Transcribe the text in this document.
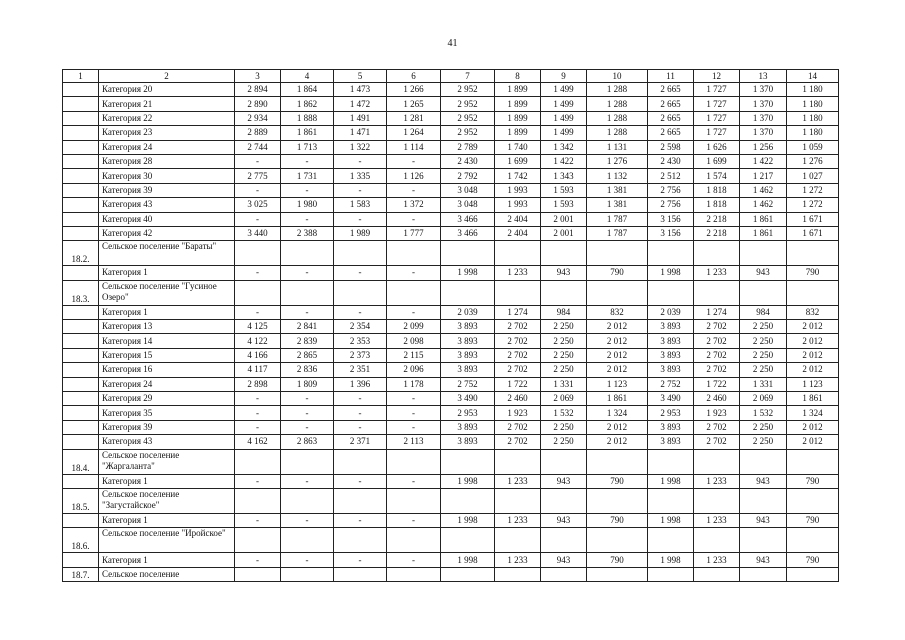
41
1	2	3	4	5	6	7	8	9	10	11	12	13	14
	Категория 20	2 894	1 864	1 473	1 266	2 952	1 899	1 499	1 288	2 665	1 727	1 370	1 180
	Категория 21	2 890	1 862	1 472	1 265	2 952	1 899	1 499	1 288	2 665	1 727	1 370	1 180
	Категория 22	2 934	1 888	1 491	1 281	2 952	1 899	1 499	1 288	2 665	1 727	1 370	1 180
	Категория 23	2 889	1 861	1 471	1 264	2 952	1 899	1 499	1 288	2 665	1 727	1 370	1 180
	Категория 24	2 744	1 713	1 322	1 114	2 789	1 740	1 342	1 131	2 598	1 626	1 256	1 059
	Категория 28	-	-	-	-	2 430	1 699	1 422	1 276	2 430	1 699	1 422	1 276
	Категория 30	2 775	1 731	1 335	1 126	2 792	1 742	1 343	1 132	2 512	1 574	1 217	1 027
	Категория 39	-	-	-	-	3 048	1 993	1 593	1 381	2 756	1 818	1 462	1 272
	Категория 43	3 025	1 980	1 583	1 372	3 048	1 993	1 593	1 381	2 756	1 818	1 462	1 272
	Категория 40	-	-	-	-	3 466	2 404	2 001	1 787	3 156	2 218	1 861	1 671
	Категория 42	3 440	2 388	1 989	1 777	3 466	2 404	2 001	1 787	3 156	2 218	1 861	1 671
18.2.	Сельское поселение "Бараты"												
	Категория 1	-	-	-	-	1 998	1 233	943	790	1 998	1 233	943	790
18.3.	Сельское поселение "Гусиное Озеро"												
	Категория 1	-	-	-	-	2 039	1 274	984	832	2 039	1 274	984	832
	Категория 13	4 125	2 841	2 354	2 099	3 893	2 702	2 250	2 012	3 893	2 702	2 250	2 012
	Категория 14	4 122	2 839	2 353	2 098	3 893	2 702	2 250	2 012	3 893	2 702	2 250	2 012
	Категория 15	4 166	2 865	2 373	2 115	3 893	2 702	2 250	2 012	3 893	2 702	2 250	2 012
	Категория 16	4 117	2 836	2 351	2 096	3 893	2 702	2 250	2 012	3 893	2 702	2 250	2 012
	Категория 24	2 898	1 809	1 396	1 178	2 752	1 722	1 331	1 123	2 752	1 722	1 331	1 123
	Категория 29	-	-	-	-	3 490	2 460	2 069	1 861	3 490	2 460	2 069	1 861
	Категория 35	-	-	-	-	2 953	1 923	1 532	1 324	2 953	1 923	1 532	1 324
	Категория 39	-	-	-	-	3 893	2 702	2 250	2 012	3 893	2 702	2 250	2 012
	Категория 43	4 162	2 863	2 371	2 113	3 893	2 702	2 250	2 012	3 893	2 702	2 250	2 012
18.4.	Сельское поселение "Жаргаланта"												
	Категория 1	-	-	-	-	1 998	1 233	943	790	1 998	1 233	943	790
18.5.	Сельское поселение "Загустайское"												
	Категория 1	-	-	-	-	1 998	1 233	943	790	1 998	1 233	943	790
18.6.	Сельское поселение "Иройское"												
	Категория 1	-	-	-	-	1 998	1 233	943	790	1 998	1 233	943	790
18.7.	Сельское поселение												
